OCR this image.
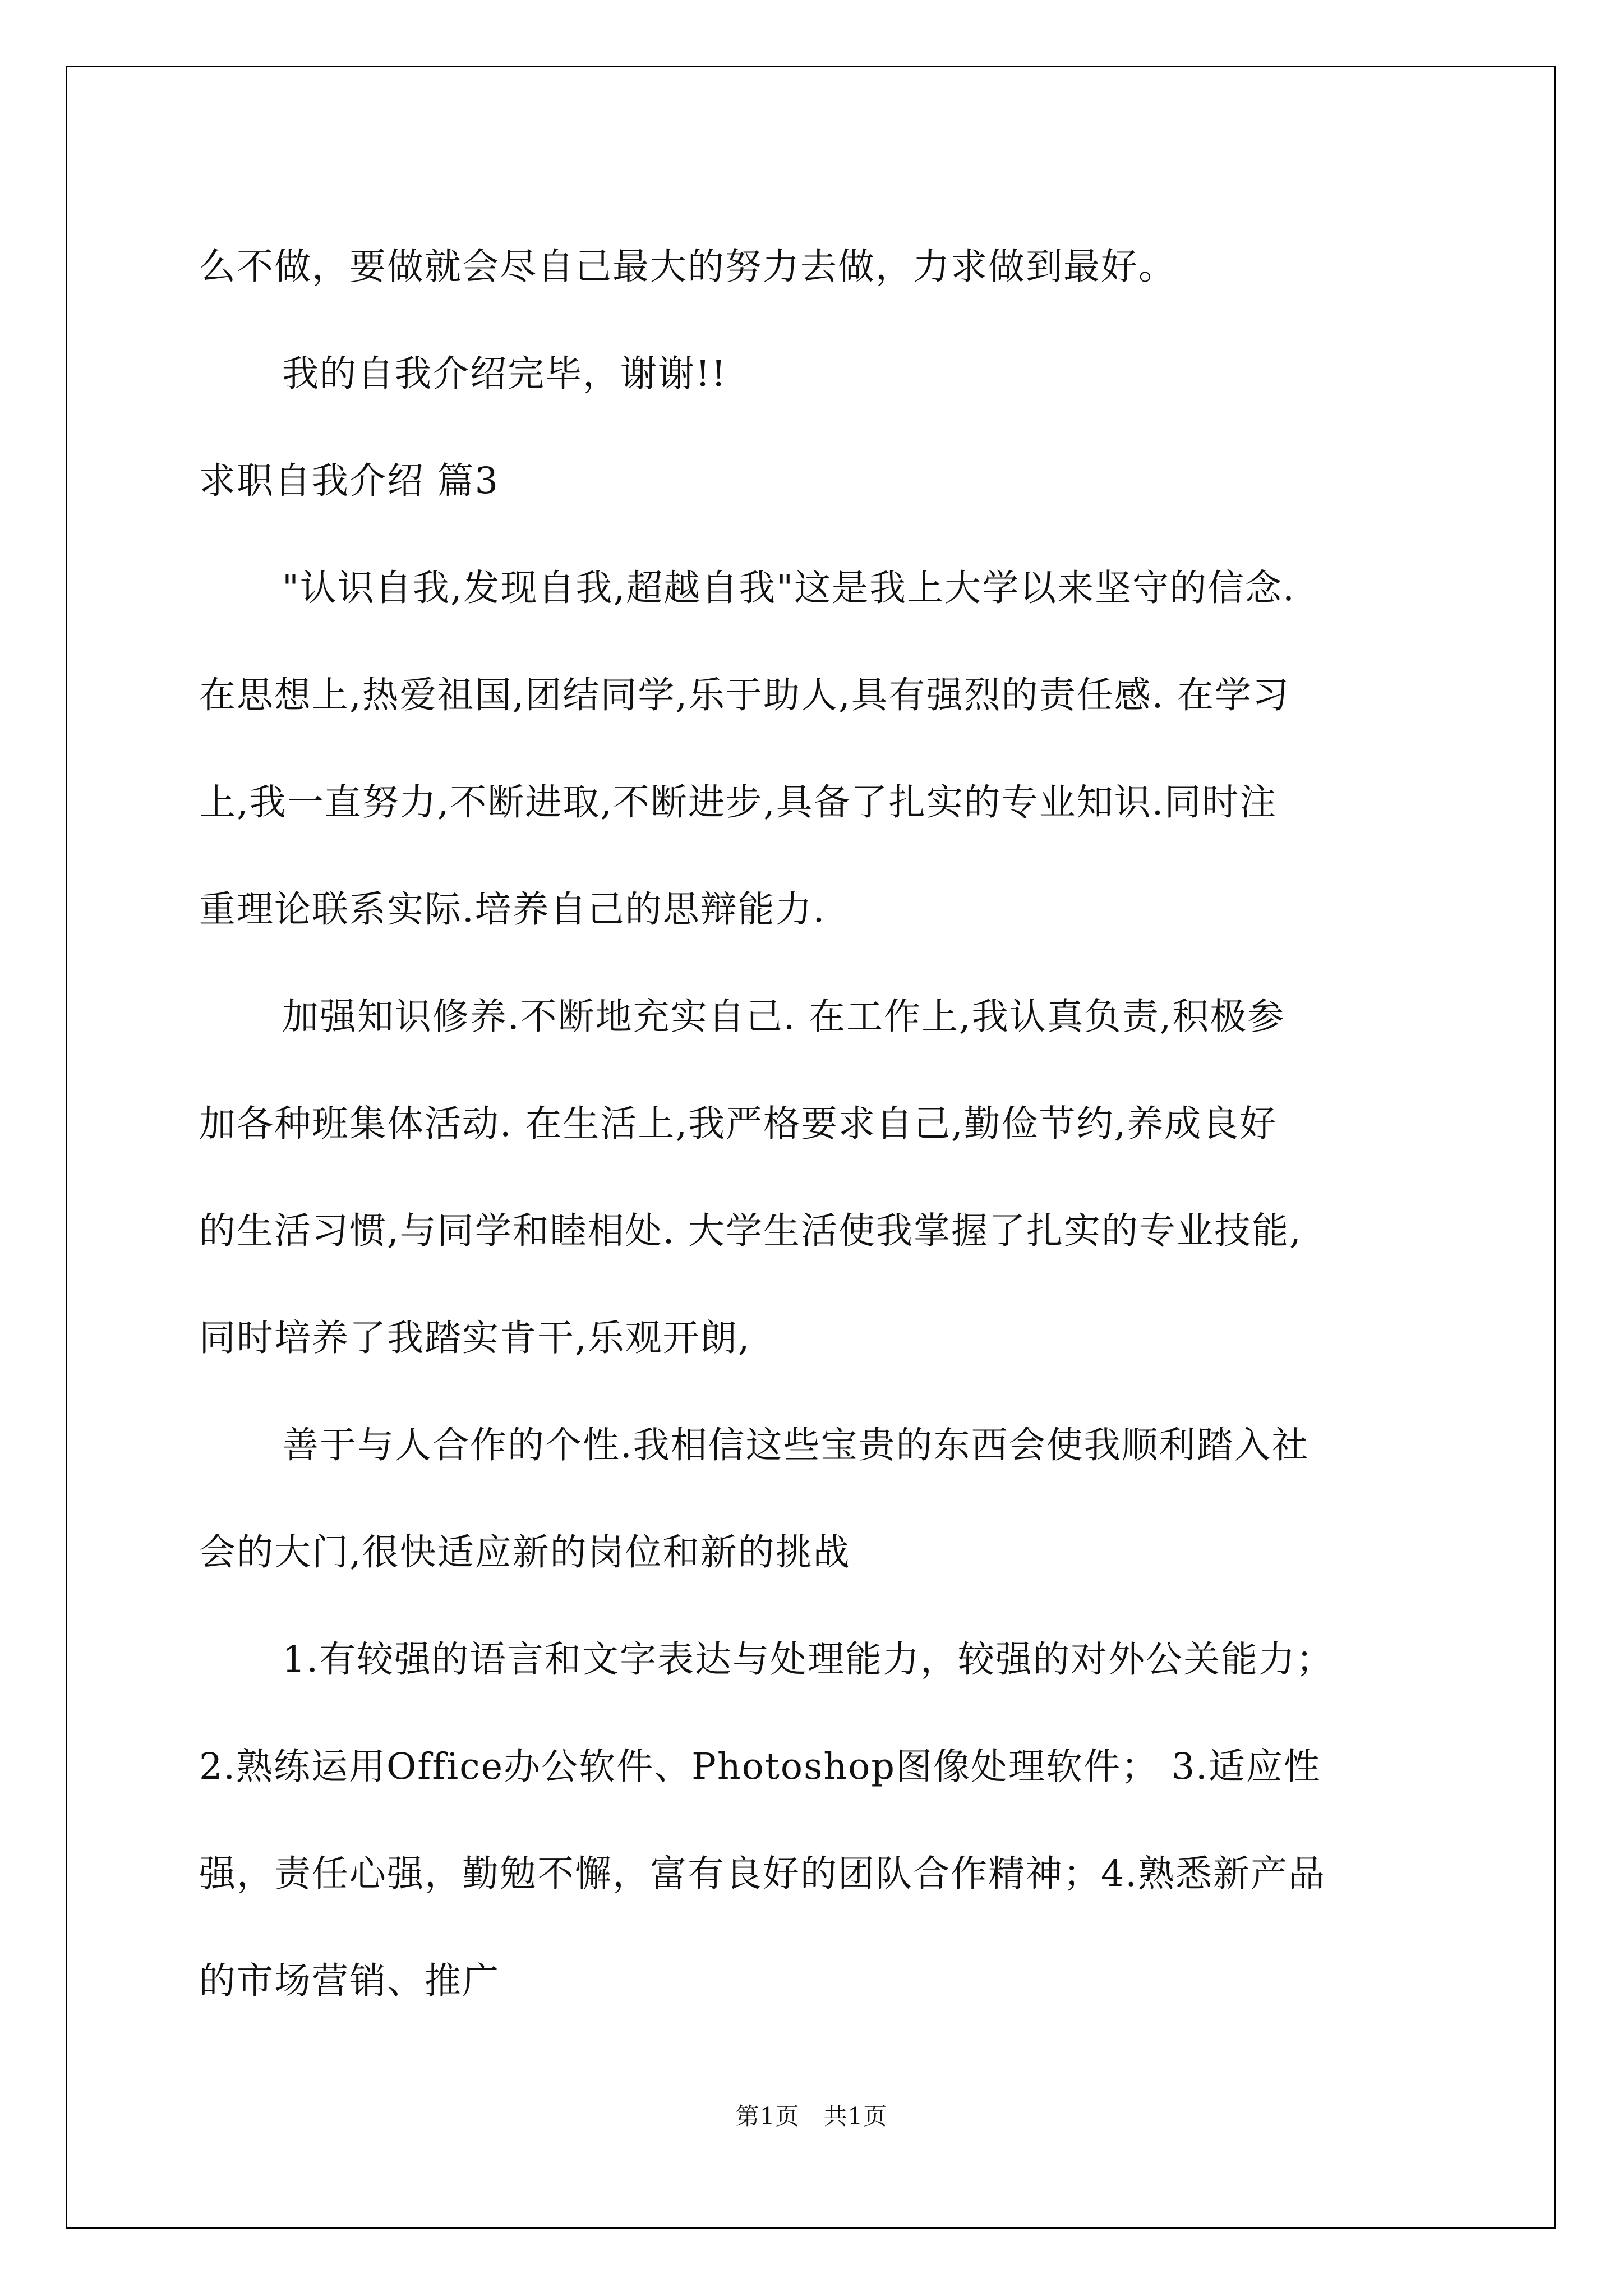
么不做，要做就会尽自己最大的努力去做，力求做到最好。
我的自我介绍完毕，谢谢!!
求职自我介绍 篇3
"认识自我,发现自我,超越自我"这是我上大学以来坚守的信念.
在思想上,热爱祖国,团结同学,乐于助人,具有强烈的责任感. 在学习
上,我一直努力,不断进取,不断进步,具备了扎实的专业知识.同时注
重理论联系实际.培养自己的思辩能力.
加强知识修养.不断地充实自己. 在工作上,我认真负责,积极参
加各种班集体活动. 在生活上,我严格要求自己,勤俭节约,养成良好
的生活习惯,与同学和睦相处. 大学生活使我掌握了扎实的专业技能,
同时培养了我踏实肯干,乐观开朗,
善于与人合作的个性.我相信这些宝贵的东西会使我顺利踏入社
会的大门,很快适应新的岗位和新的挑战
1.有较强的语言和文字表达与处理能力，较强的对外公关能力；
2.熟练运用Office办公软件、Photoshop图像处理软件； 3.适应性
强，责任心强，勤勉不懈，富有良好的团队合作精神；4.熟悉新产品
的市场营销、推广
第1页　共1页
